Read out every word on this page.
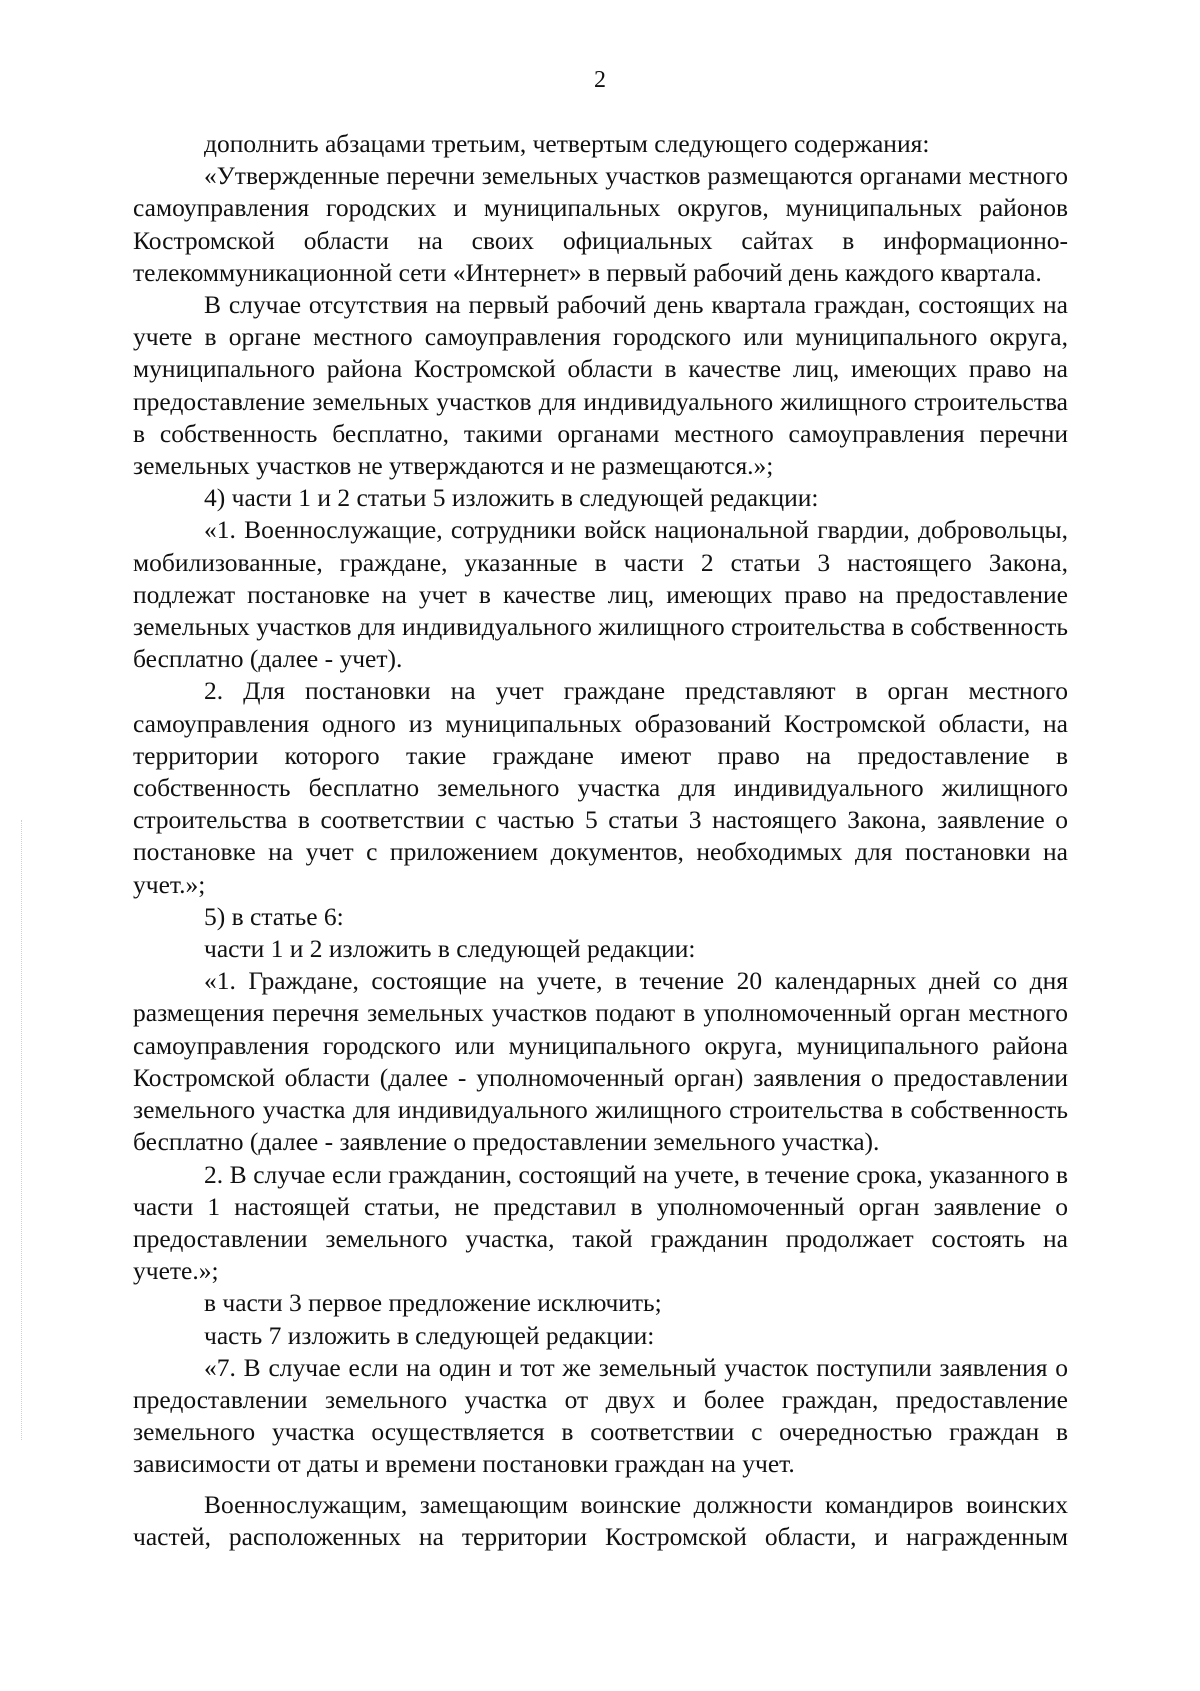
2

дополнить абзацами третьим, четвертым следующего содержания:

«Утвержденные перечни земельных участков размещаются органами местного самоуправления городских и муниципальных округов, муниципальных районов Костромской области на своих официальных сайтах в информационно-телекоммуникационной сети «Интернет» в первый рабочий день каждого квартала.

В случае отсутствия на первый рабочий день квартала граждан, состоящих на учете в органе местного самоуправления городского или муниципального округа, муниципального района Костромской области в качестве лиц, имеющих право на предоставление земельных участков для индивидуального жилищного строительства в собственность бесплатно, такими органами местного самоуправления перечни земельных участков не утверждаются и не размещаются.»;

4) части 1 и 2 статьи 5 изложить в следующей редакции:

«1. Военнослужащие, сотрудники войск национальной гвардии, добровольцы, мобилизованные, граждане, указанные в части 2 статьи 3 настоящего Закона, подлежат постановке на учет в качестве лиц, имеющих право на предоставление земельных участков для индивидуального жилищного строительства в собственность бесплатно (далее - учет).

2. Для постановки на учет граждане представляют в орган местного самоуправления одного из муниципальных образований Костромской области, на территории которого такие граждане имеют право на предоставление в собственность бесплатно земельного участка для индивидуального жилищного строительства в соответствии с частью 5 статьи 3 настоящего Закона, заявление о постановке на учет с приложением документов, необходимых для постановки на учет.»;

5) в статье 6:

части 1 и 2 изложить в следующей редакции:

«1. Граждане, состоящие на учете, в течение 20 календарных дней со дня размещения перечня земельных участков подают в уполномоченный орган местного самоуправления городского или муниципального округа, муниципального района Костромской области (далее - уполномоченный орган) заявления о предоставлении земельного участка для индивидуального жилищного строительства в собственность бесплатно (далее - заявление о предоставлении земельного участка).

2. В случае если гражданин, состоящий на учете, в течение срока, указанного в части 1 настоящей статьи, не представил в уполномоченный орган заявление о предоставлении земельного участка, такой гражданин продолжает состоять на учете.»;

в части 3 первое предложение исключить;

часть 7 изложить в следующей редакции:

«7. В случае если на один и тот же земельный участок поступили заявления о предоставлении земельного участка от двух и более граждан, предоставление земельного участка осуществляется в соответствии с очередностью граждан в зависимости от даты и времени постановки граждан на учет.

Военнослужащим, замещающим воинские должности командиров воинских частей, расположенных на территории Костромской области, и награжденным
